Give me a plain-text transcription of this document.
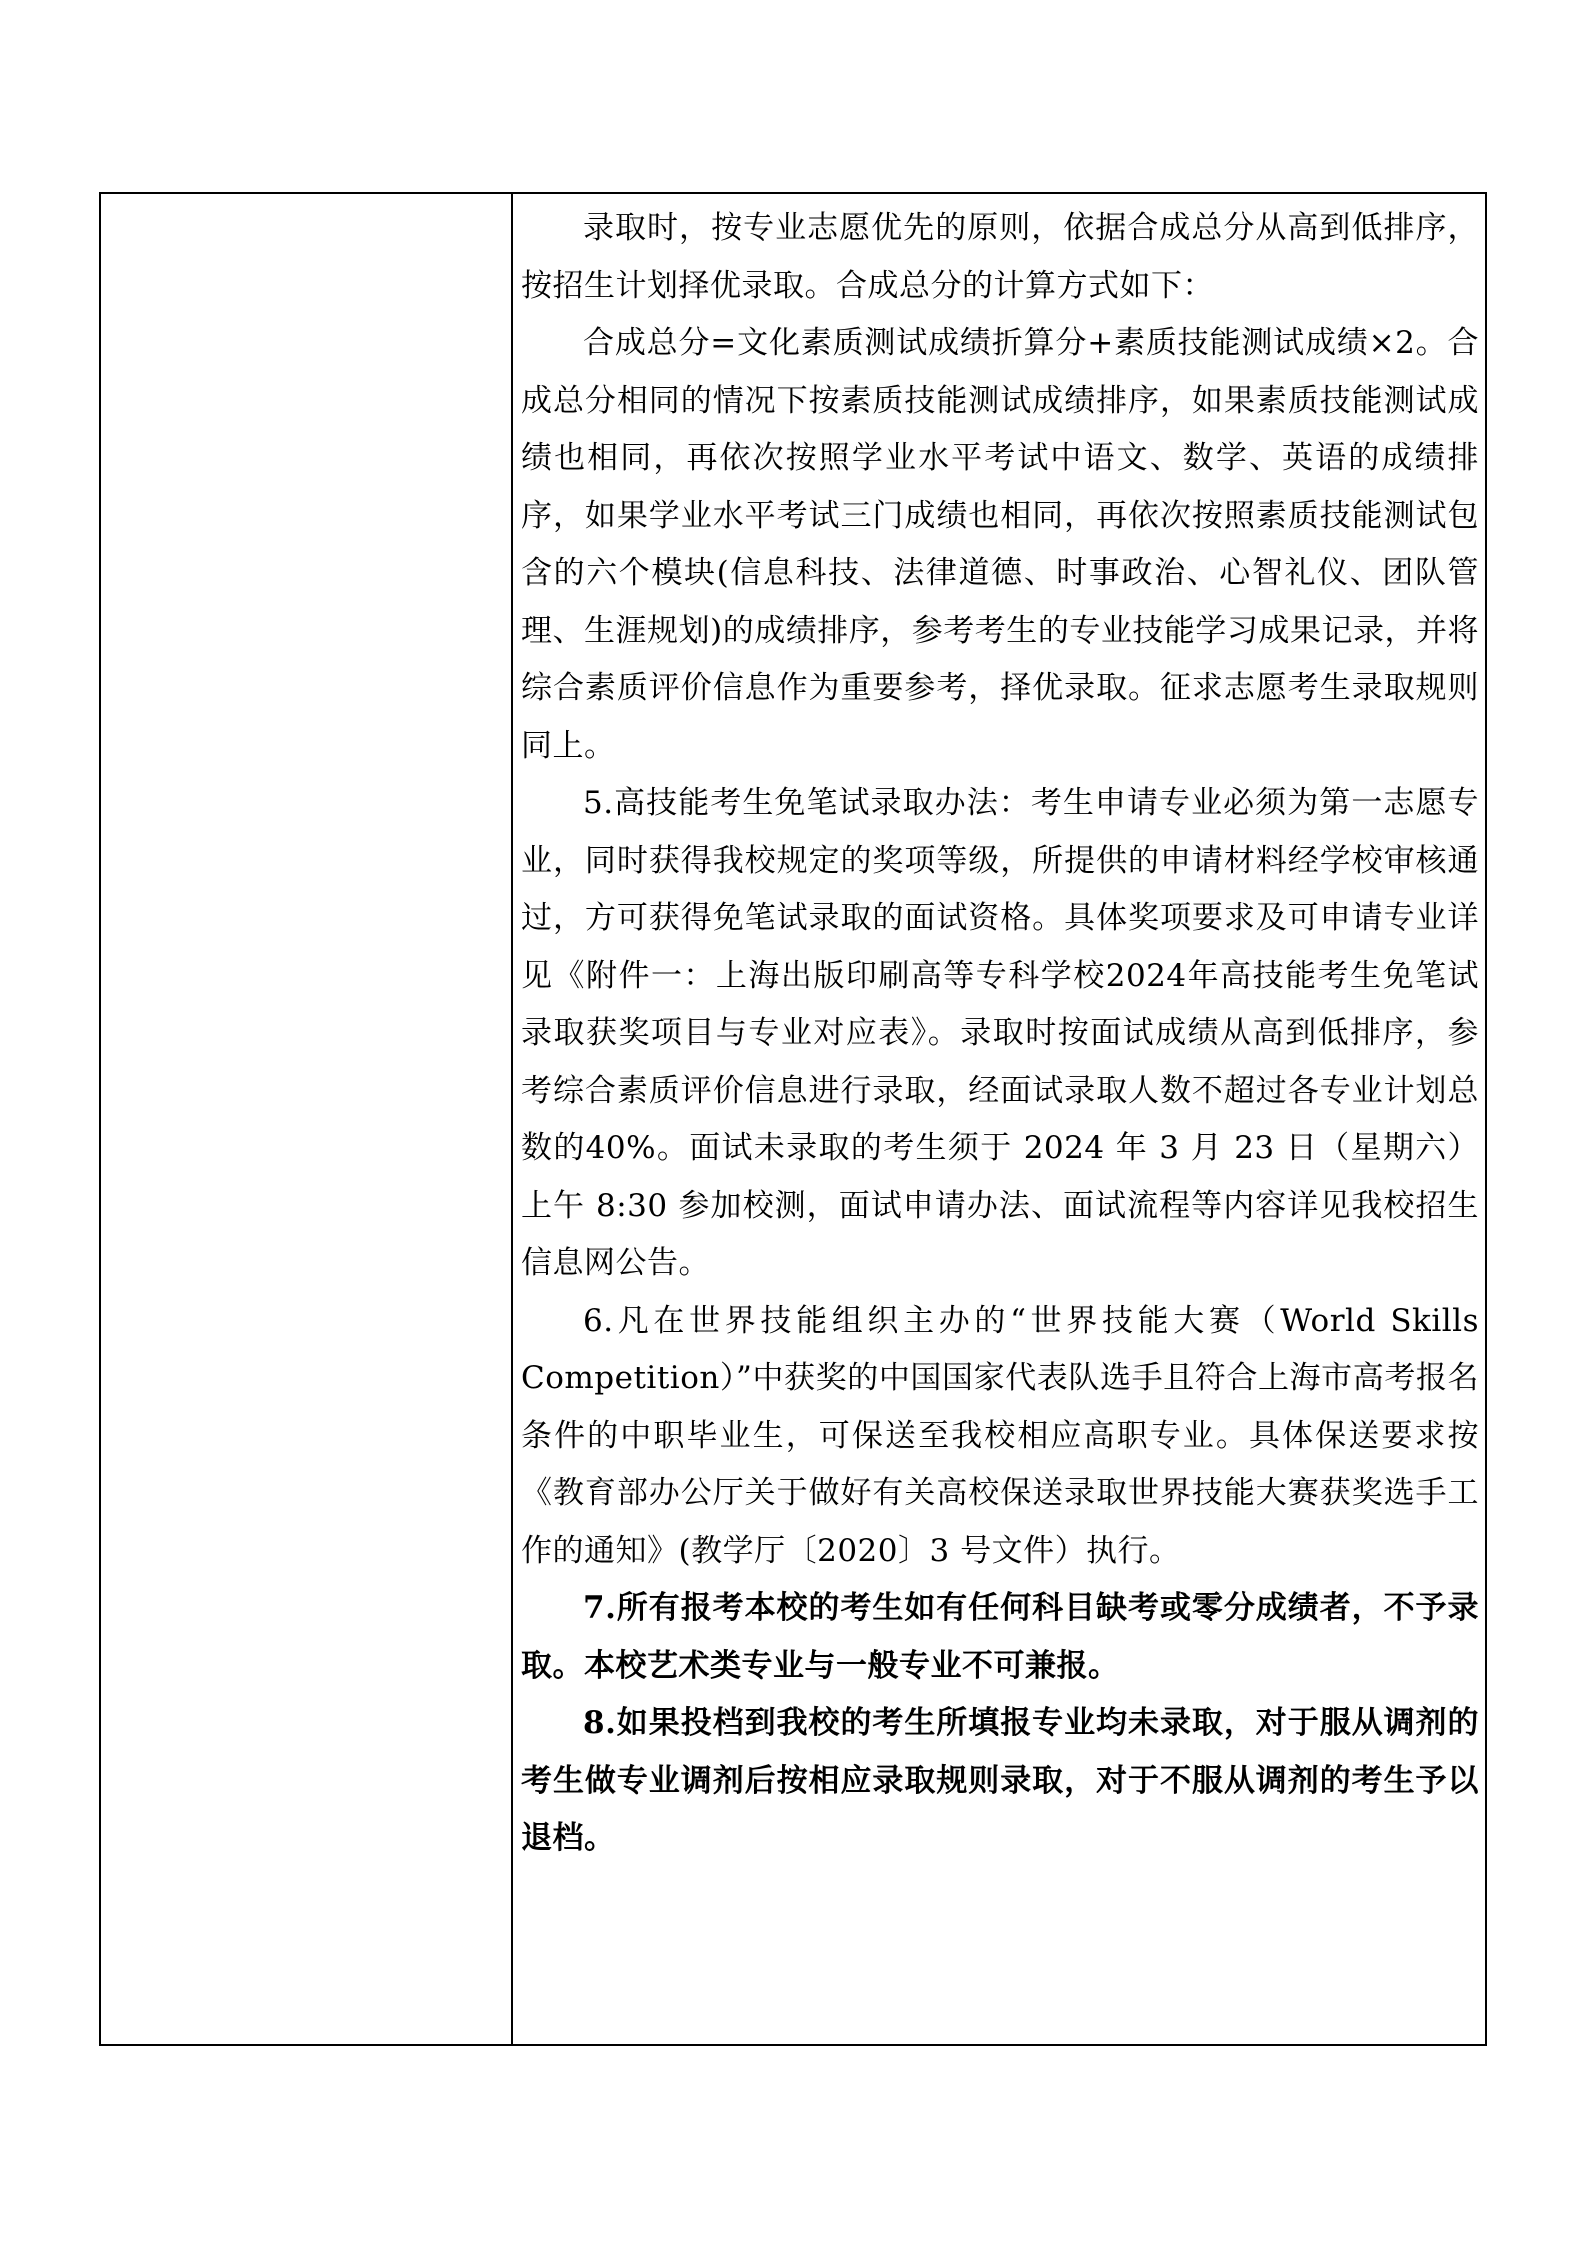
录取时，按专业志愿优先的原则，依据合成总分从高到低排序，按招生计划择优录取。合成总分的计算方式如下：

合成总分=文化素质测试成绩折算分+素质技能测试成绩×2。合成总分相同的情况下按素质技能测试成绩排序，如果素质技能测试成绩也相同，再依次按照学业水平考试中语文、数学、英语的成绩排序，如果学业水平考试三门成绩也相同，再依次按照素质技能测试包含的六个模块(信息科技、法律道德、时事政治、心智礼仪、团队管理、生涯规划)的成绩排序，参考考生的专业技能学习成果记录，并将综合素质评价信息作为重要参考，择优录取。征求志愿考生录取规则同上。

5.高技能考生免笔试录取办法：考生申请专业必须为第一志愿专业，同时获得我校规定的奖项等级，所提供的申请材料经学校审核通过，方可获得免笔试录取的面试资格。具体奖项要求及可申请专业详见《附件一：上海出版印刷高等专科学校2024年高技能考生免笔试录取获奖项目与专业对应表》。录取时按面试成绩从高到低排序，参考综合素质评价信息进行录取，经面试录取人数不超过各专业计划总数的40%。面试未录取的考生须于 2024 年 3 月 23 日（星期六）上午 8:30 参加校测，面试申请办法、面试流程等内容详见我校招生信息网公告。

6.凡在世界技能组织主办的“世界技能大赛（World Skills Competition）”中获奖的中国国家代表队选手且符合上海市高考报名条件的中职毕业生，可保送至我校相应高职专业。具体保送要求按《教育部办公厅关于做好有关高校保送录取世界技能大赛获奖选手工作的通知》(教学厅〔2020〕3 号文件）执行。

7.所有报考本校的考生如有任何科目缺考或零分成绩者，不予录取。本校艺术类专业与一般专业不可兼报。

8.如果投档到我校的考生所填报专业均未录取，对于服从调剂的考生做专业调剂后按相应录取规则录取，对于不服从调剂的考生予以退档。
